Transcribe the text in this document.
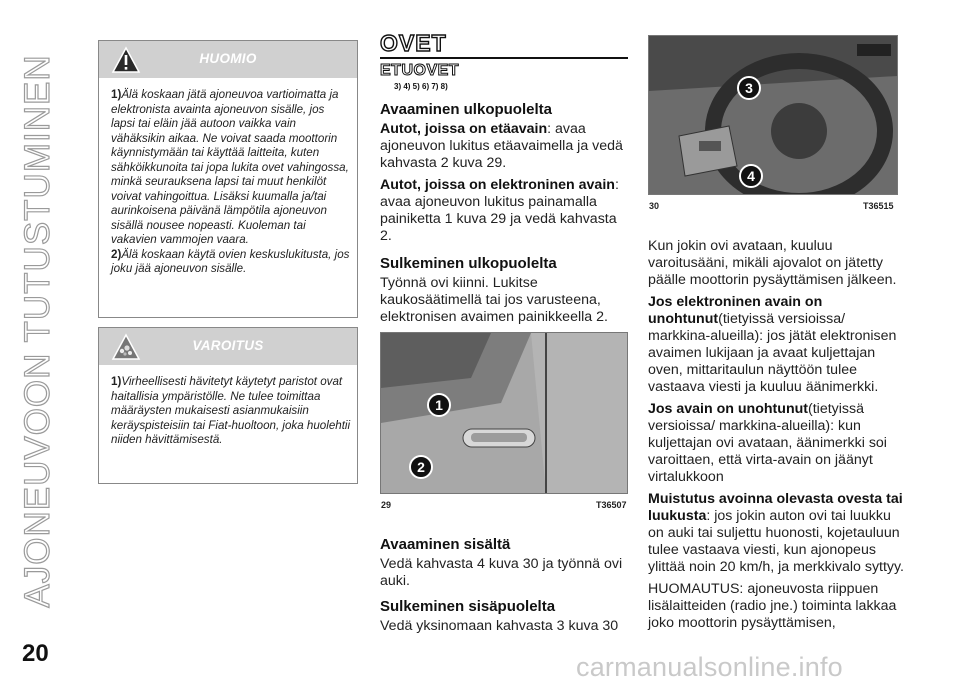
AJONEUVOON TUTUSTUMINEN
20	carmanualsonline.info
HUOMIO

1)Älä koskaan jätä ajoneuvoa vartioimatta ja elektronista avainta ajoneuvon sisälle, jos lapsi tai eläin jää autoon vaikka vain vähäksikin aikaa. Ne voivat saada moottorin käynnistymään tai käyttää laitteita, kuten sähköikkunoita tai jopa lukita ovet vahingossa, minkä seurauksena lapsi tai muut henkilöt voivat vahingoittua. Lisäksi kuumalla ja/tai aurinkoisena päivänä lämpötila ajoneuvon sisällä nousee nopeasti. Kuoleman tai vakavien vammojen vaara.

2)Älä koskaan käytä ovien keskuslukitusta, jos joku jää ajoneuvon sisälle.

VAROITUS

1)Virheellisesti hävitetyt käytetyt paristot ovat haitallisia ympäristölle. Ne tulee toimittaa määräysten mukaisesti asianmukaisiin keräyspisteisiin tai Fiat-huoltoon, joka huolehtii niiden hävittämisestä.

OVET
ETUOVET
3) 4) 5) 6) 7) 8)
Avaaminen ulkopuolelta

Autot, joissa on etäavain: avaa ajoneuvon lukitus etäavaimella ja vedä kahvasta 2 kuva 29.

Autot, joissa on elektroninen avain: avaa ajoneuvon lukitus painamalla painiketta 1 kuva 29 ja vedä kahvasta 2.

Sulkeminen ulkopuolelta

Työnnä ovi kiinni. Lukitse kaukosäätimellä tai jos varusteena, elektronisen avaimen painikkeella 2.

1
2
29	T36507
Avaaminen sisältä

Vedä kahvasta 4 kuva 30 ja työnnä ovi auki.

Sulkeminen sisäpuolelta

Vedä yksinomaan kahvasta 3 kuva 30

3
4
30	T36515

Kun jokin ovi avataan, kuuluu varoitusääni, mikäli ajovalot on jätetty päälle moottorin pysäyttämisen jälkeen.

Jos elektroninen avain on unohtunut(tietyissä versioissa/ markkina-alueilla): jos jätät elektronisen avaimen lukijaan ja avaat kuljettajan oven, mittaritaulun näyttöön tulee vastaava viesti ja kuuluu äänimerkki.

Jos avain on unohtunut(tietyissä versioissa/ markkina-alueilla): kun kuljettajan ovi avataan, äänimerkki soi varoittaen, että virta-avain on jäänyt virtalukkoon

Muistutus avoinna olevasta ovesta tai luukusta: jos jokin auton ovi tai luukku on auki tai suljettu huonosti, kojetauluun tulee vastaava viesti, kun ajonopeus ylittää noin 20 km/h, ja merkkivalo syttyy.

HUOMAUTUS: ajoneuvosta riippuen lisälaitteiden (radio jne.) toiminta lakkaa joko moottorin pysäyttämisen,
